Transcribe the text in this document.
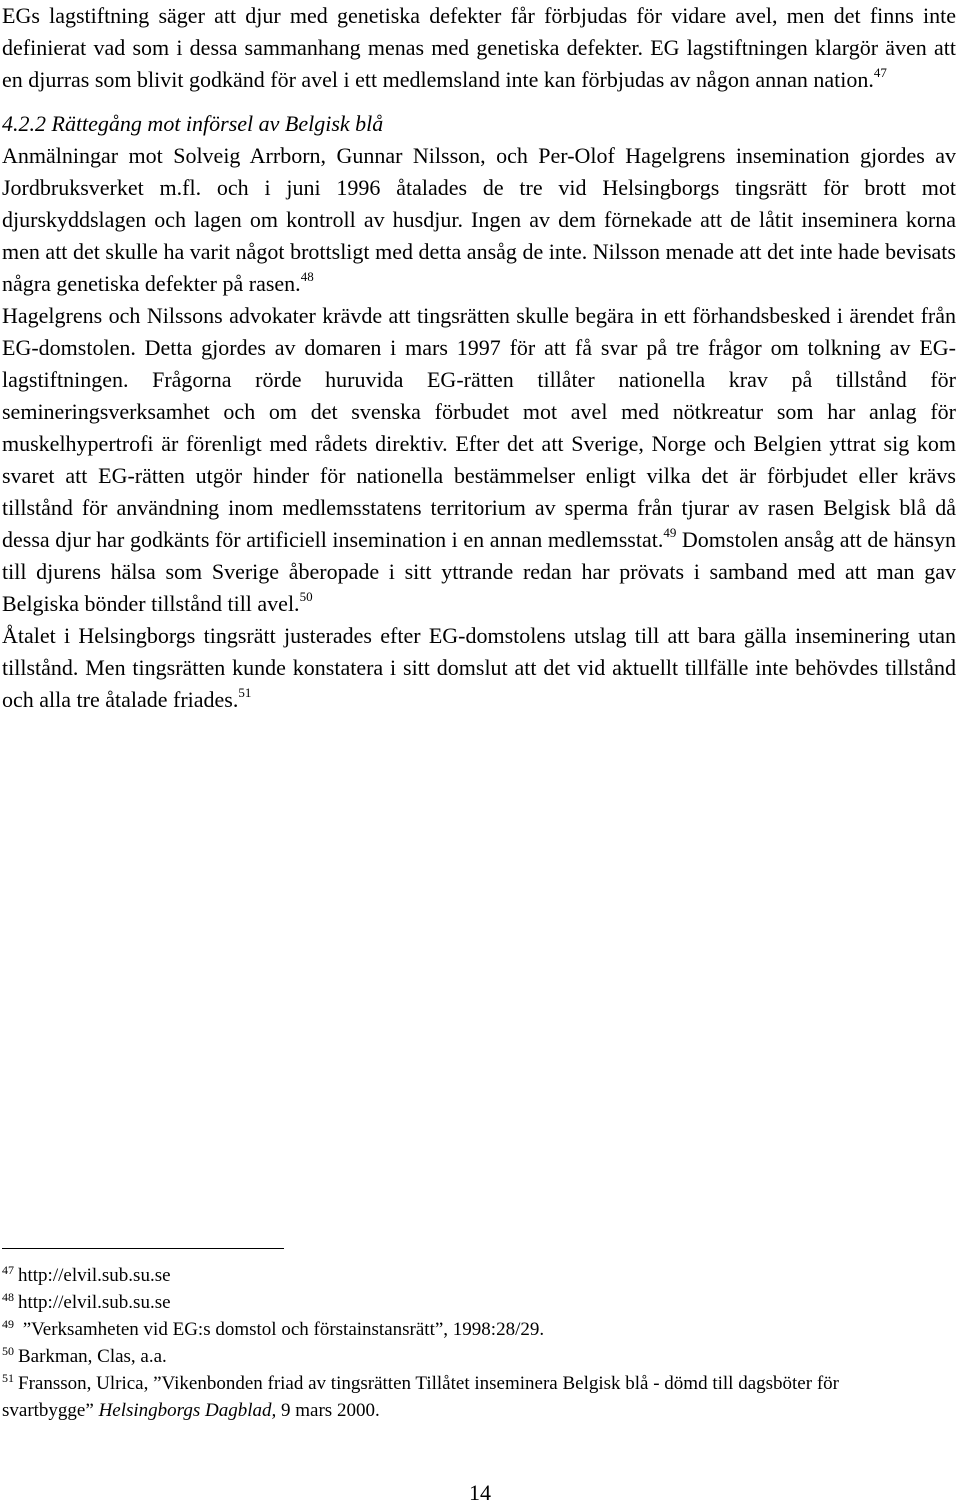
EGs lagstiftning säger att djur med genetiska defekter får förbjudas för vidare avel, men det finns inte definierat vad som i dessa sammanhang menas med genetiska defekter. EG lagstiftningen klargör även att en djurras som blivit godkänd för avel i ett medlemsland inte kan förbjudas av någon annan nation.$^{47}$

4.2.2 Rättegång mot införsel av Belgisk blå

Anmälningar mot Solveig Arrborn, Gunnar Nilsson, och Per-Olof Hagelgrens insemination gjordes av Jordbruksverket m.fl. och i juni 1996 åtalades de tre vid Helsingborgs tingsrätt för brott mot djurskyddslagen och lagen om kontroll av husdjur. Ingen av dem förnekade att de låtit inseminera korna men att det skulle ha varit något brottsligt med detta ansåg de inte. Nilsson menade att det inte hade bevisats några genetiska defekter på rasen.$^{48}$

Hagelgrens och Nilssons advokater krävde att tingsrätten skulle begära in ett förhandsbesked i ärendet från EG-domstolen. Detta gjordes av domaren i mars 1997 för att få svar på tre frågor om tolkning av EG-lagstiftningen. Frågorna rörde huruvida EG-rätten tillåter nationella krav på tillstånd för semineringsverksamhet och om det svenska förbudet mot avel med nötkreatur som har anlag för muskelhypertrofi är förenligt med rådets direktiv. Efter det att Sverige, Norge och Belgien yttrat sig kom svaret att EG-rätten utgör hinder för nationella bestämmelser enligt vilka det är förbjudet eller krävs tillstånd för användning inom medlemsstatens territorium av sperma från tjurar av rasen Belgisk blå då dessa djur har godkänts för artificiell insemination i en annan medlemsstat.$^{49}$ Domstolen ansåg att de hänsyn till djurens hälsa som Sverige åberopade i sitt yttrande redan har prövats i samband med att man gav Belgiska bönder tillstånd till avel.$^{50}$

Åtalet i Helsingborgs tingsrätt justerades efter EG-domstolens utslag till att bara gälla inseminering utan tillstånd. Men tingsrätten kunde konstatera i sitt domslut att det vid aktuellt tillfälle inte behövdes tillstånd och alla tre åtalade friades.$^{51}$

$^{47}$ http://elvil.sub.su.se

$^{48}$ http://elvil.sub.su.se

$^{49}$ ”Verksamheten vid EG:s domstol och förstainstansrätt”, 1998:28/29.

$^{50}$ Barkman, Clas, a.a.

$^{51}$ Fransson, Ulrica, ”Vikenbonden friad av tingsrätten Tillåtet inseminera Belgisk blå - dömd till dagsböter för svartbygge” Helsingborgs Dagblad, 9 mars 2000.

14
